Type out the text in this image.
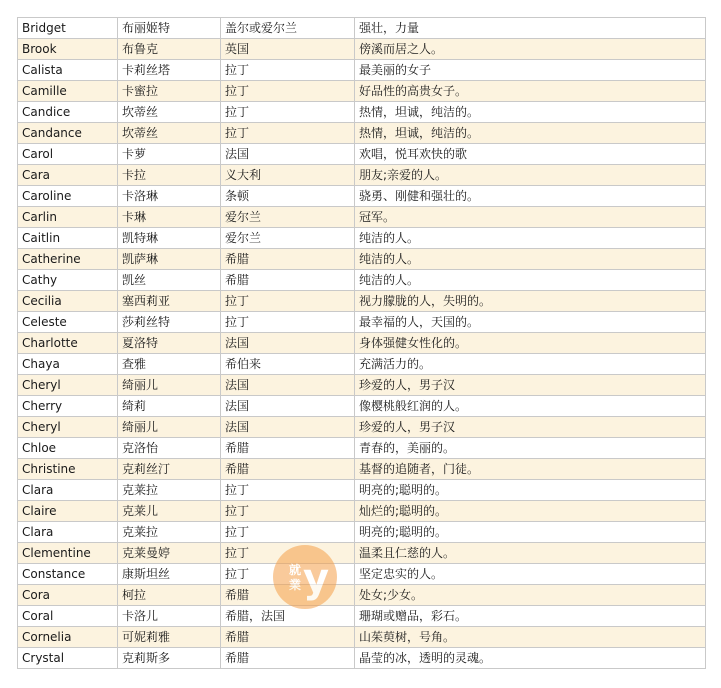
Bridget	布丽姬特	盖尔或爱尔兰	强壮，力量
Brook	布鲁克	英国	傍溪而居之人。
Calista	卡莉丝塔	拉丁	最美丽的女子
Camille	卡蜜拉	拉丁	好品性的高贵女子。
Candice	坎蒂丝	拉丁	热情，坦诚，纯洁的。
Candance	坎蒂丝	拉丁	热情，坦诚，纯洁的。
Carol	卡萝	法国	欢唱，悦耳欢快的歌
Cara	卡拉	义大利	朋友;亲爱的人。
Caroline	卡洛琳	条顿	骁勇、刚健和强壮的。
Carlin	卡琳	爱尔兰	冠军。
Caitlin	凯特琳	爱尔兰	纯洁的人。
Catherine	凯萨琳	希腊	纯洁的人。
Cathy	凯丝	希腊	纯洁的人。
Cecilia	塞西莉亚	拉丁	视力朦胧的人，失明的。
Celeste	莎莉丝特	拉丁	最幸福的人，天国的。
Charlotte	夏洛特	法国	身体强健女性化的。
Chaya	查雅	希伯来	充满活力的。
Cheryl	绮丽儿	法国	珍爱的人，男子汉
Cherry	绮莉	法国	像樱桃般红润的人。
Cheryl	绮丽儿	法国	珍爱的人，男子汉
Chloe	克洛怡	希腊	青春的，美丽的。
Christine	克莉丝汀	希腊	基督的追随者，门徒。
Clara	克莱拉	拉丁	明亮的;聪明的。
Claire	克莱儿	拉丁	灿烂的;聪明的。
Clara	克莱拉	拉丁	明亮的;聪明的。
Clementine	克莱曼婷	拉丁	温柔且仁慈的人。
Constance	康斯坦丝	拉丁	坚定忠实的人。
Cora	柯拉	希腊	处女;少女。
Coral	卡洛儿	希腊，法国	珊瑚或赠品，彩石。
Cornelia	可妮莉雅	希腊	山茱萸树，号角。
Crystal	克莉斯多	希腊	晶莹的冰，透明的灵魂。
就
業 y
